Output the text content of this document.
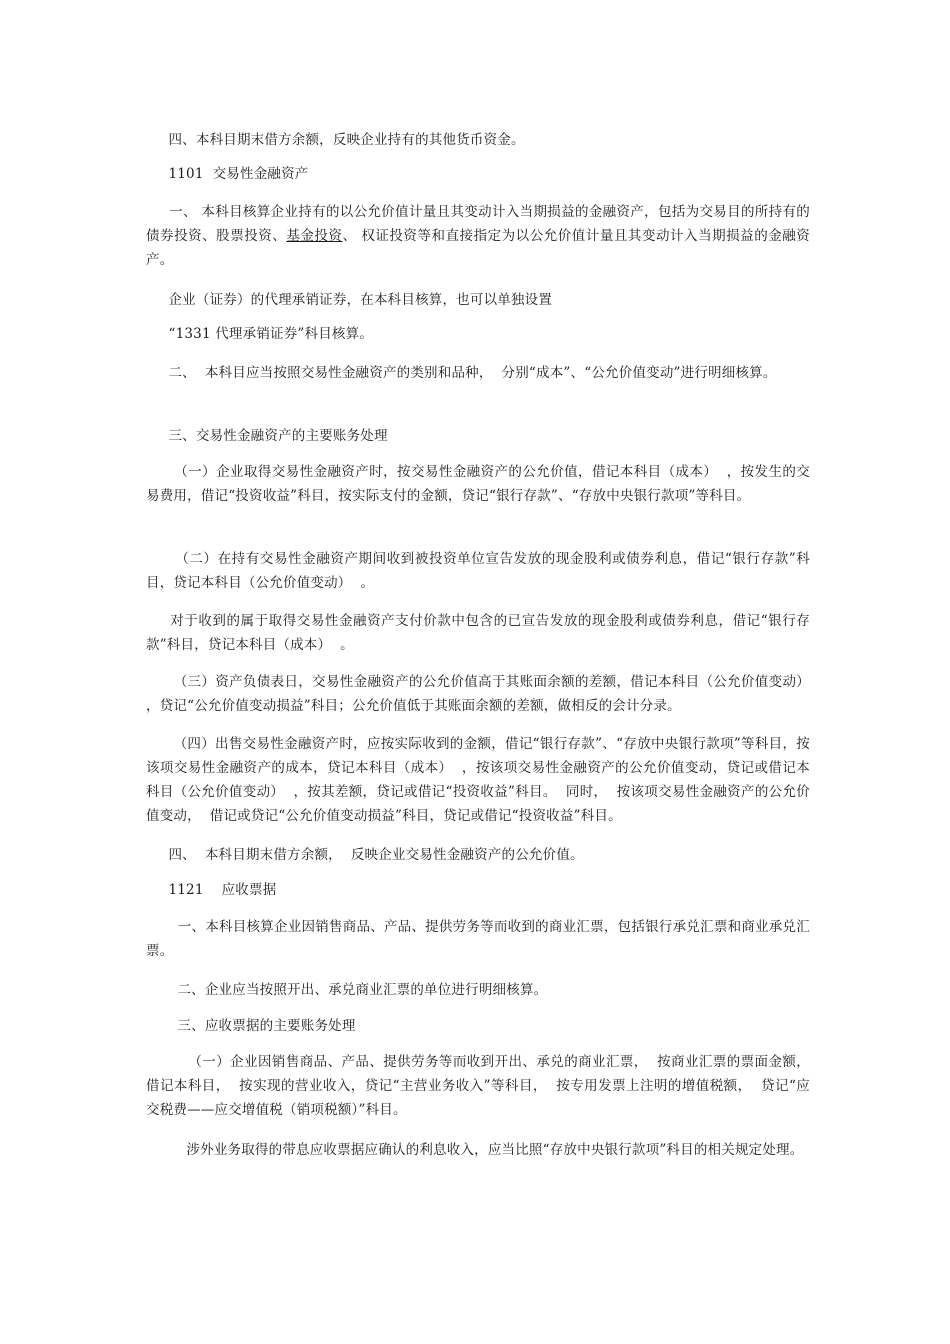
四、本科目期末借方余额，反映企业持有的其他货币资金。

1101  交易性金融资产

一、 本科目核算企业持有的以公允价值计量且其变动计入当期损益的金融资产，包括为交易目的所持有的债券投资、股票投资、基金投资、 权证投资等和直接指定为以公允价值计量且其变动计入当期损益的金融资产。

企业（证券）的代理承销证券，在本科目核算，也可以单独设置

“1331 代理承销证券”科目核算。

二、  本科目应当按照交易性金融资产的类别和品种，  分别“成本”、“公允价值变动”进行明细核算。

三、交易性金融资产的主要账务处理

（一）企业取得交易性金融资产时，按交易性金融资产的公允价值，借记本科目（成本）  ，按发生的交易费用，借记“投资收益”科目，按实际支付的金额，贷记“银行存款”、“存放中央银行款项”等科目。

（二）在持有交易性金融资产期间收到被投资单位宣告发放的现金股利或债券利息，借记“银行存款”科目，贷记本科目（公允价值变动）  。

对于收到的属于取得交易性金融资产支付价款中包含的已宣告发放的现金股利或债券利息，借记“银行存款”科目，贷记本科目（成本）  。

（三）资产负债表日，交易性金融资产的公允价值高于其账面余额的差额，借记本科目（公允价值变动）  ，贷记“公允价值变动损益”科目；公允价值低于其账面余额的差额，做相反的会计分录。

（四）出售交易性金融资产时，应按实际收到的金额，借记“银行存款”、“存放中央银行款项”等科目，按该项交易性金融资产的成本，贷记本科目（成本）  ，按该项交易性金融资产的公允价值变动，贷记或借记本科目（公允价值变动）  ，按其差额，贷记或借记“投资收益”科目。  同时，  按该项交易性金融资产的公允价值变动，  借记或贷记“公允价值变动损益”科目，贷记或借记“投资收益”科目。

四、  本科目期末借方余额，  反映企业交易性金融资产的公允价值。

1121    应收票据

一、本科目核算企业因销售商品、产品、提供劳务等而收到的商业汇票，包括银行承兑汇票和商业承兑汇票。

二、企业应当按照开出、承兑商业汇票的单位进行明细核算。

三、应收票据的主要账务处理

（一）企业因销售商品、产品、提供劳务等而收到开出、承兑的商业汇票，  按商业汇票的票面金额，  借记本科目，  按实现的营业收入，贷记“主营业务收入”等科目，  按专用发票上注明的增值税额，  贷记“应交税费——应交增值税（销项税额）”科目。

涉外业务取得的带息应收票据应确认的利息收入，应当比照“存放中央银行款项”科目的相关规定处理。
